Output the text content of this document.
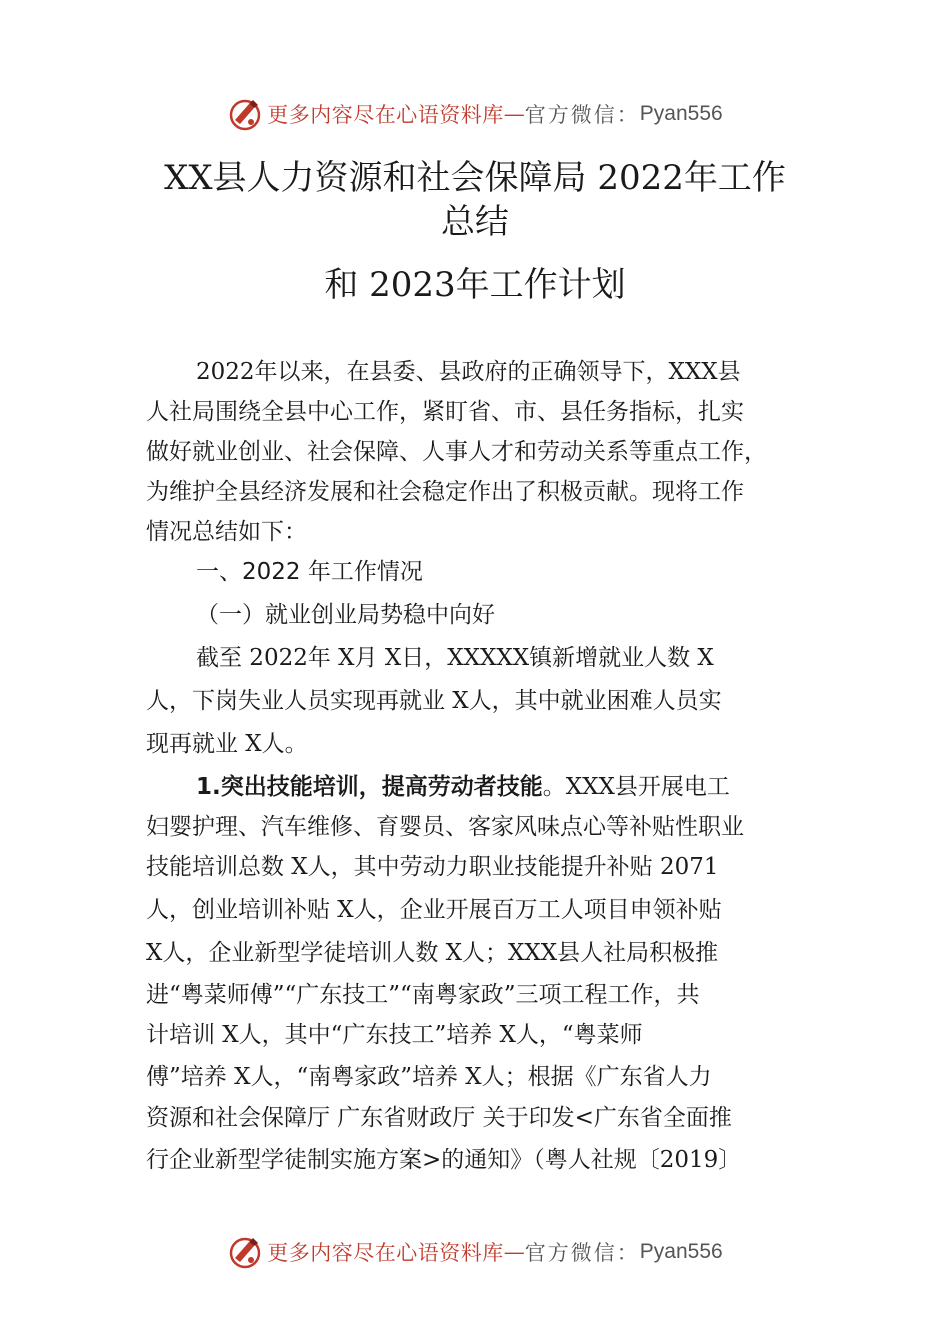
更多内容尽在心语资料库 — 官方微信： Pyan556
XX县人力资源和社会保障局 2022年工作
总结
和 2023年工作计划
2022年以来，在县委、县政府的正确领导下，XXX县
人社局围绕全县中心工作，紧盯省、市、县任务指标，扎实
做好就业创业、社会保障、人事人才和劳动关系等重点工作，
为维护全县经济发展和社会稳定作出了积极贡献。现将工作
情况总结如下：
一、2022 年工作情况
（一）就业创业局势稳中向好
截至 2022年 X月 X日，XXXXX镇新增就业人数 X
人，下岗失业人员实现再就业 X人，其中就业困难人员实
现再就业 X人。
1.突出技能培训，提高劳动者技能。XXX县开展电工
妇婴护理、汽车维修、育婴员、客家风味点心等补贴性职业
技能培训总数 X人，其中劳动力职业技能提升补贴 2071
人，创业培训补贴 X人，企业开展百万工人项目申领补贴
X人，企业新型学徒培训人数 X人；XXX县人社局积极推
进“粤菜师傅”“广东技工”“南粤家政”三项工程工作，共
计培训 X人，其中“广东技工”培养 X人，“粤菜师
傅”培养 X人，“南粤家政”培养 X人；根据《广东省人力
资源和社会保障厅 广东省财政厅 关于印发<广东省全面推
行企业新型学徒制实施方案>的通知》（粤人社规〔2019〕
更多内容尽在心语资料库 — 官方微信： Pyan556
